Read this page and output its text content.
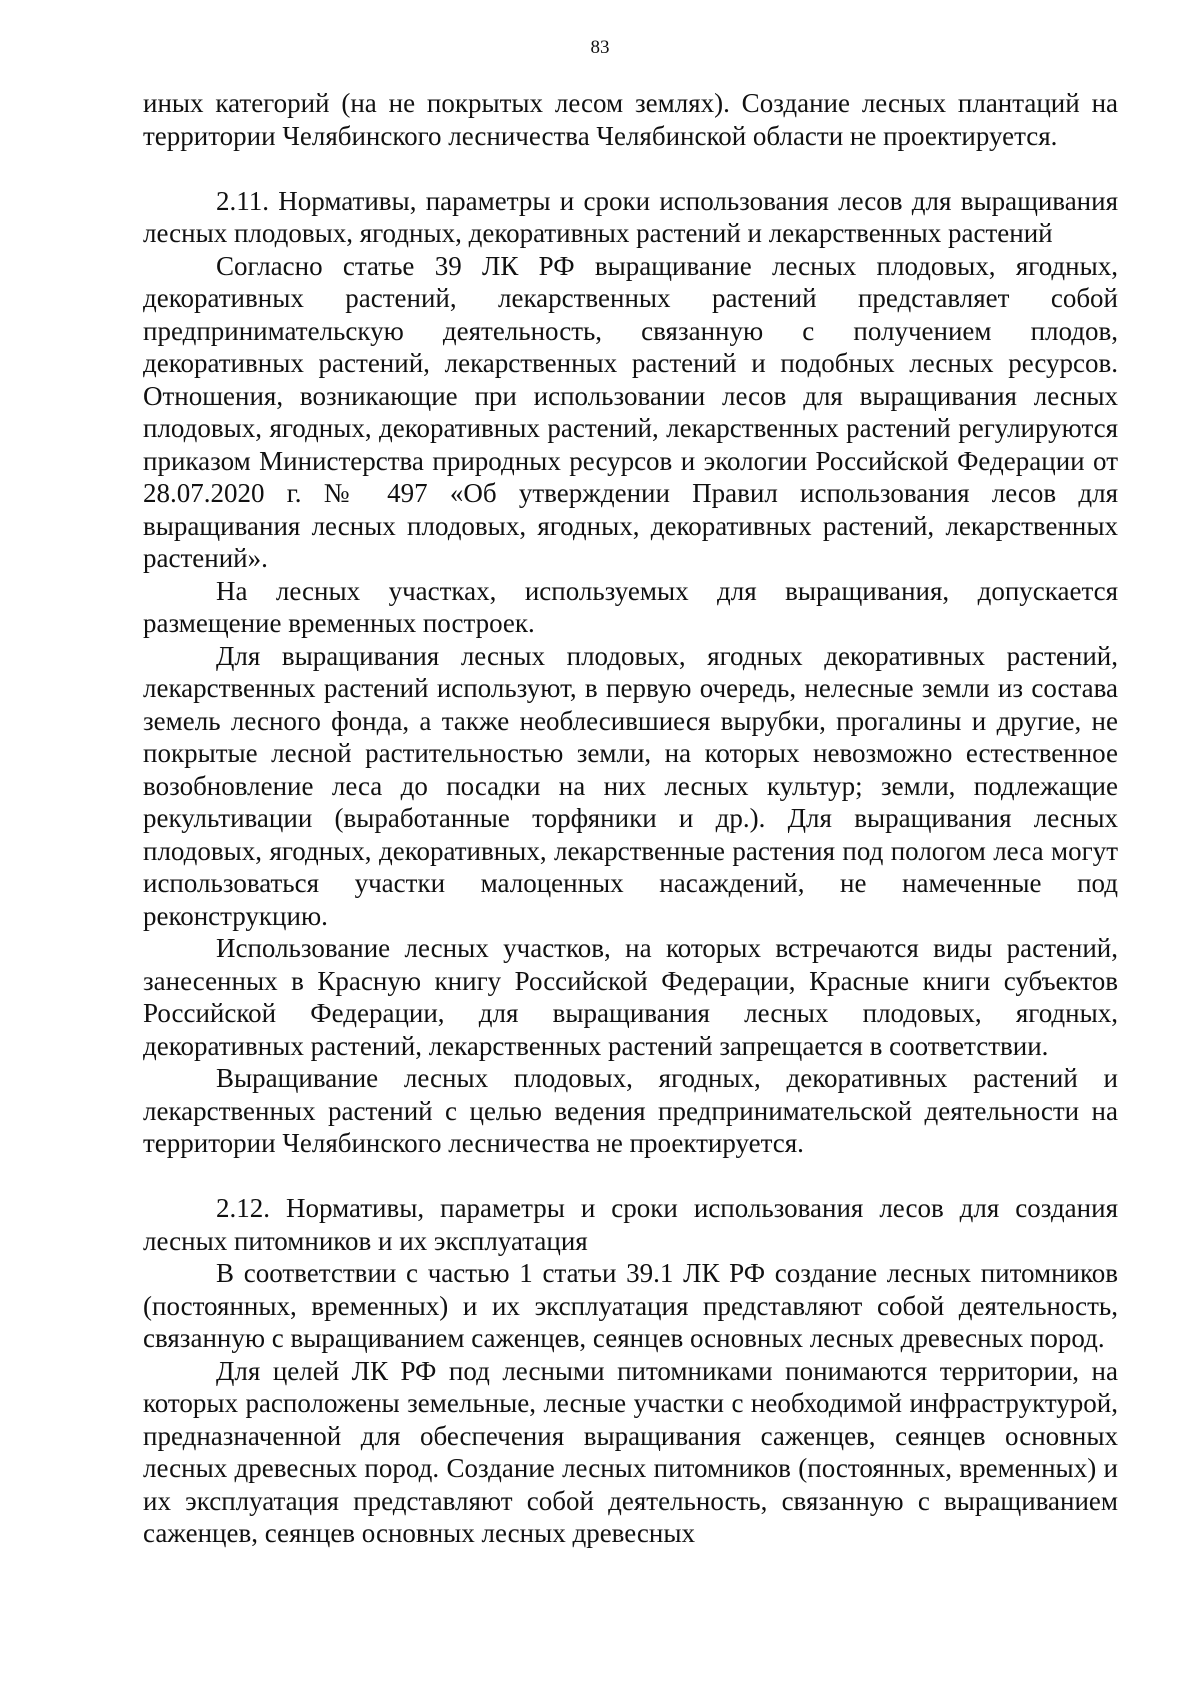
83

иных категорий (на не покрытых лесом землях). Создание лесных плантаций на территории Челябинского лесничества Челябинской области не проектируется.

2.11. Нормативы, параметры и сроки использования лесов для выращивания лесных плодовых, ягодных, декоративных растений и лекарственных растений

Согласно статье 39 ЛК РФ выращивание лесных плодовых, ягодных, декоративных растений, лекарственных растений представляет собой предпринимательскую деятельность, связанную с получением плодов, декоративных растений, лекарственных растений и подобных лесных ресурсов. Отношения, возникающие при использовании лесов для выращивания лесных плодовых, ягодных, декоративных растений, лекарственных растений регулируются приказом Министерства природных ресурсов и экологии Российской Федерации от 28.07.2020 г. № 497 «Об утверждении Правил использования лесов для выращивания лесных плодовых, ягодных, декоративных растений, лекарственных растений».

На лесных участках, используемых для выращивания, допускается размещение временных построек.

Для выращивания лесных плодовых, ягодных декоративных растений, лекарственных растений используют, в первую очередь, нелесные земли из состава земель лесного фонда, а также необлесившиеся вырубки, прогалины и другие, не покрытые лесной растительностью земли, на которых невозможно естественное возобновление леса до посадки на них лесных культур; земли, подлежащие рекультивации (выработанные торфяники и др.). Для выращивания лесных плодовых, ягодных, декоративных, лекарственные растения под пологом леса могут использоваться участки малоценных насаждений, не намеченные под реконструкцию.

Использование лесных участков, на которых встречаются виды растений, занесенных в Красную книгу Российской Федерации, Красные книги субъектов Российской Федерации, для выращивания лесных плодовых, ягодных, декоративных растений, лекарственных растений запрещается в соответствии.

Выращивание лесных плодовых, ягодных, декоративных растений и лекарственных растений с целью ведения предпринимательской деятельности на территории Челябинского лесничества не проектируется.

2.12. Нормативы, параметры и сроки использования лесов для создания лесных питомников и их эксплуатация

В соответствии с частью 1 статьи 39.1 ЛК РФ создание лесных питомников (постоянных, временных) и их эксплуатация представляют собой деятельность, связанную с выращиванием саженцев, сеянцев основных лесных древесных пород.

Для целей ЛК РФ под лесными питомниками понимаются территории, на которых расположены земельные, лесные участки с необходимой инфраструктурой, предназначенной для обеспечения выращивания саженцев, сеянцев основных лесных древесных пород. Создание лесных питомников (постоянных, временных) и их эксплуатация представляют собой деятельность, связанную с выращиванием саженцев, сеянцев основных лесных древесных
